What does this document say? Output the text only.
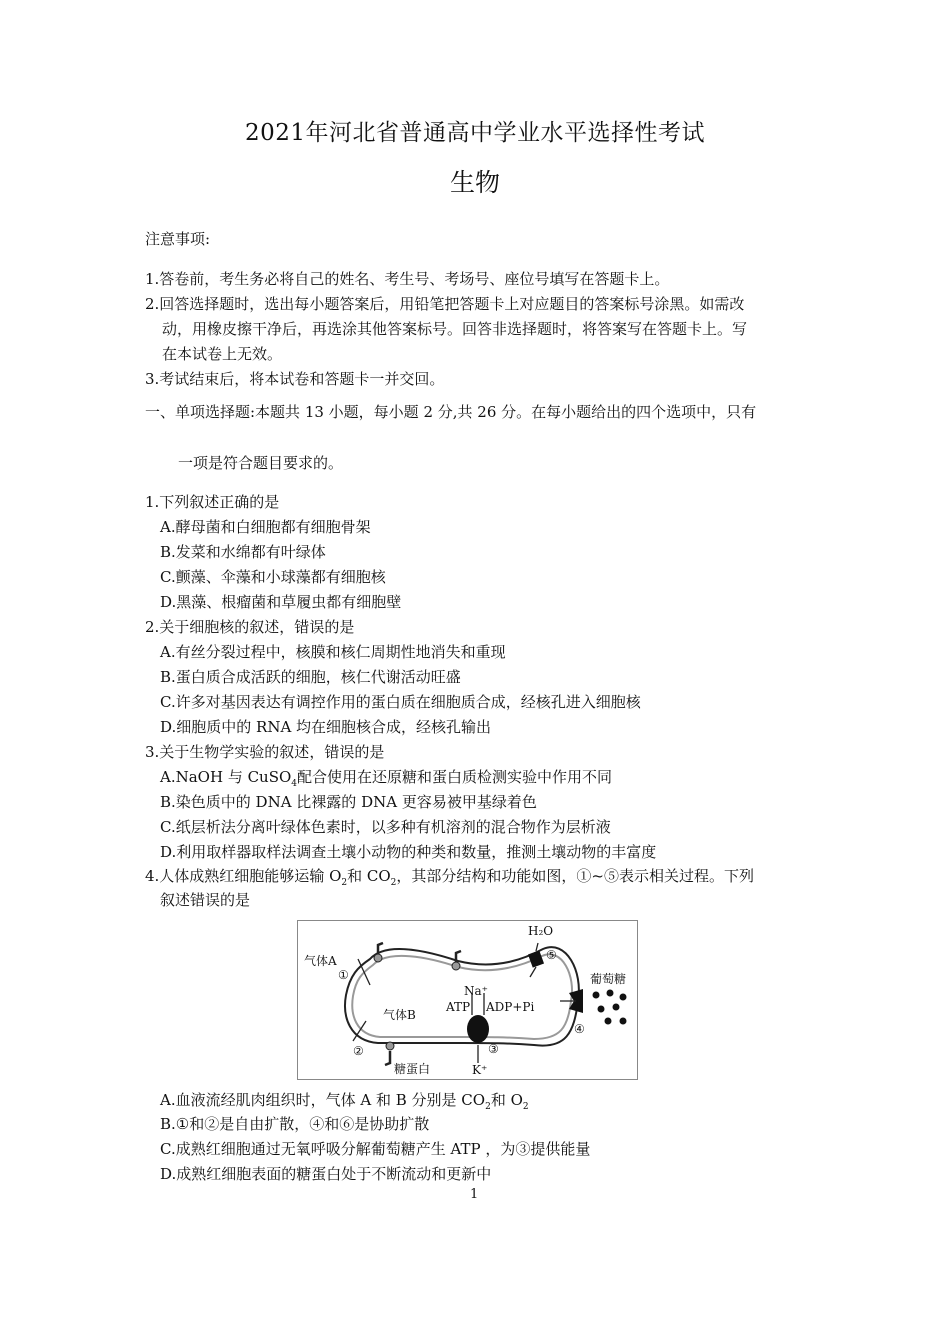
2021年河北省普通高中学业水平选择性考试
生物
注意事项:
1.答卷前，考生务必将自己的姓名、考生号、考场号、座位号填写在答题卡上。
2.回答选择题时，选出每小题答案后，用铅笔把答题卡上对应题目的答案标号涂黑。如需改
动，用橡皮擦干净后，再选涂其他答案标号。回答非选择题时，将答案写在答题卡上。写
在本试卷上无效。
3.考试结束后，将本试卷和答题卡一并交回。
一、单项选择题:本题共 13 小题，每小题 2 分,共 26 分。在每小题给出的四个选项中，只有
一项是符合题目要求的。
1.下列叙述正确的是
A.酵母菌和白细胞都有细胞骨架
B.发菜和水绵都有叶绿体
C.颤藻、伞藻和小球藻都有细胞核
D.黑藻、根瘤菌和草履虫都有细胞壁
2.关于细胞核的叙述，错误的是
A.有丝分裂过程中，核膜和核仁周期性地消失和重现
B.蛋白质合成活跃的细胞，核仁代谢活动旺盛
C.许多对基因表达有调控作用的蛋白质在细胞质合成，经核孔进入细胞核
D.细胞质中的 RNA 均在细胞核合成，经核孔输出
3.关于生物学实验的叙述，错误的是
A.NaOH 与 CuSO$_4$配合使用在还原糖和蛋白质检测实验中作用不同
B.染色质中的 DNA 比裸露的 DNA 更容易被甲基绿着色
C.纸层析法分离叶绿体色素时，以多种有机溶剂的混合物作为层析液
D.利用取样器取样法调查土壤小动物的种类和数量，推测土壤动物的丰富度
4.人体成熟红细胞能够运输 $O_2$和 $CO_2$，其部分结构和功能如图，①~⑤表示相关过程。下列
叙述错误的是
气体A
①
气体B
②
H₂O
⑤
葡萄糖
④
Na⁺
ATP ADP+Pi
③
K⁺
糖蛋白
A.血液流经肌肉组织时，气体 A 和 B 分别是 $CO_2$和 $O_2$
B.①和②是自由扩散，④和⑥是协助扩散
C.成熟红细胞通过无氧呼吸分解葡萄糖产生 ATP ，为③提供能量
D.成熟红细胞表面的糖蛋白处于不断流动和更新中
1
